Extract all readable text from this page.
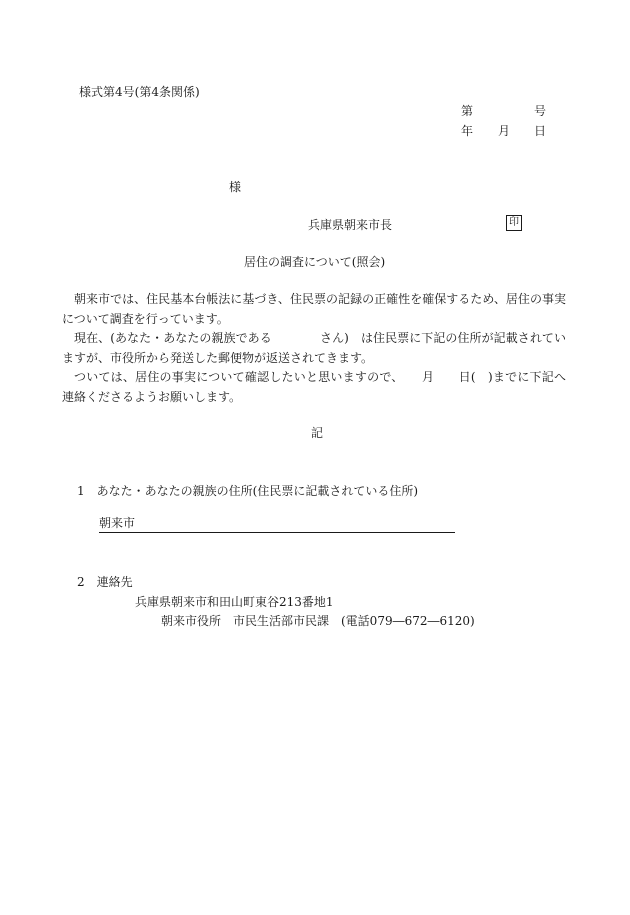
様式第4号(第4条関係)
第	号
年 月 日
様
兵庫県朝来市長	印
居住の調査について(照会)

朝来市では、住民基本台帳法に基づき、住民票の記録の正確性を確保するため、居住の事実について調査を行っています。

現在、(あなた・あなたの親族である　　　　さん)　は住民票に下記の住所が記載されていますが、市役所から発送した郵便物が返送されてきます。

ついては、居住の事実について確認したいと思いますので、　　月　　日(　)までに下記へ連絡くださるようお願いします。

記
1　あなた・あなたの親族の住所(住民票に記載されている住所)
朝来市
2　連絡先
兵庫県朝来市和田山町東谷213番地1
朝来市役所　市民生活部市民課　(電話079―672―6120)
